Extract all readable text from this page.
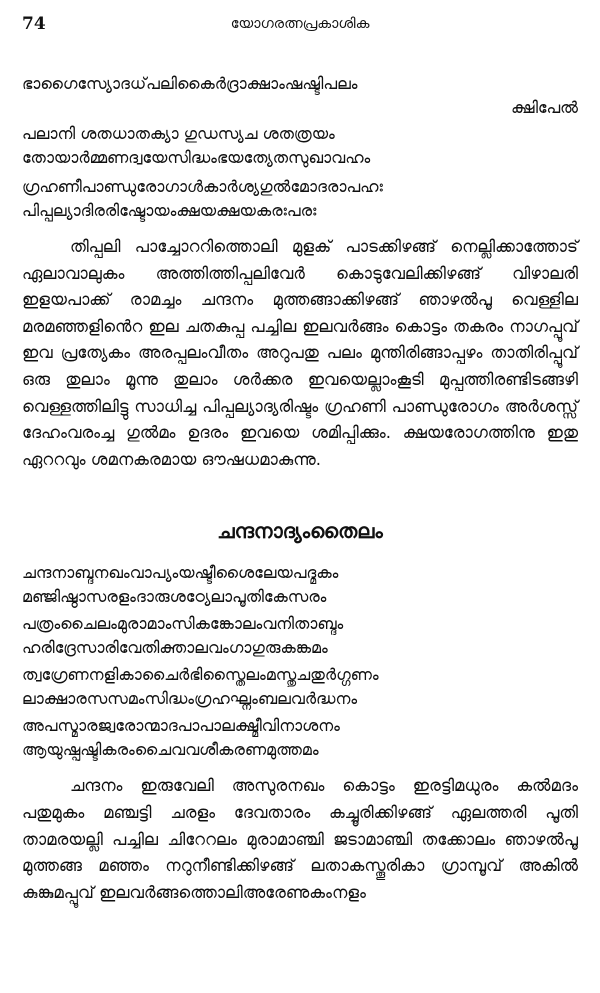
74	യോഗരത്നപ്രകാശിക

ഭാഗൈസ്യോദധ്‌പലികൈർദ്രാക്ഷാംഷഷ്ടിപലം
ക്ഷിപേൽ

പലാനി ശതധാതക്യാ ഗുഡസ്യച ശതത്രയം
തോയാർമ്മണദ്വയേസിദ്ധംഭയത്യേതസുഖാവഹം

ഗ്രഹണീപാണ്ഡുരോഗാൾകാർശ്യഗുൽമോദരാപഹഃ
പിപ്പല്യാദിരരിഷ്ടോയംക്ഷയക്ഷയകരഃപരഃ

തിപ്പലി പാച്ചോററിത്തൊലി മുളക് പാടക്കിഴങ്ങ് നെല്ലിക്കാത്തോട് ഏലാവാലുകം അത്തിത്തിപ്പലിവേർ കൊടുവേലിക്കിഴങ്ങ് വിഴാലരി ഇളയപാക്ക് രാമച്ചം ചന്ദനം മുത്തങ്ങാക്കിഴങ്ങ് ഞാഴൽപൂ വെള്ളില മരമഞ്ഞളിൻെറ ഇല ചതകുപ്പ പച്ചില ഇലവർങ്ങം കൊട്ടം തകരം നാഗപ്പൂവ് ഇവ പ്രത്യേകം അരപ്പലംവീതം അറുപതു പലം മുന്തിരിങ്ങാപ്പഴം താതിരിപ്പൂവ് ഒരു തുലാം മൂന്നു തുലാം ശർക്കര ഇവയെല്ലാംകൂടി മുപ്പത്തിരണ്ടിടങ്ങഴി വെള്ളത്തിലിട്ടു സാധിച്ച പിപ്പല്യാദ്യരിഷ്ടം ഗ്രഹണി പാണ്ഡുരോഗം അർശസ്സ് ദേഹംവരംച്ച ഗുൽമം ഉദരം ഇവയെ ശമിപ്പിക്കും. ക്ഷയരോഗത്തിനു ഇതു ഏററവും ശമനകരമായ ഔഷധമാകുന്നു.

ചന്ദനാദ്യംതൈലം

ചന്ദനാബ്ദനഖംവാപ്യംയഷ്ടീശൈലേയപദ്മകം
മഞ്ജിഷ്ഠാസരളംദാരുശഠ്യേലാപൂതികേസരം

പത്രംചൈലംമുരാമാംസികങ്കോലംവനിതാബ്ദം
ഹരിദ്രേസാരിവേതിക്താലവംഗാഗുരുകങ്കമം

ത്വഗ്രേണനളികാചൈർഭിസ്തൈലംമസ്തുചതുർഗ്ഗണം
ലാക്ഷാരസസമംസിദ്ധംഗ്രഹഘ്നംബലവർദ്ധനം

അപസ്മാരജ്വരോന്മാദപാപാലക്ഷ്മീവിനാശനം
ആയുഷ്പുഷ്ടികരംചൈവവശീകരണമുത്തമം

ചന്ദനം ഇരുവേലി അസുരനഖം കൊട്ടം ഇരട്ടിമധുരം കൽമദം പതുമുകം മഞ്ചട്ടി ചരളം ദേവതാരം കച്ചൂരിക്കിഴങ്ങ് ഏലത്തരി പൂതി താമരയല്ലി പച്ചില ചിറേറലം മുരാമാഞ്ചി ജടാമാഞ്ചി തക്കോലം ഞാഴൽപൂ മുത്തങ്ങ മഞ്ഞം നറുനീണ്ടിക്കിഴങ്ങ് ലതാകസ്തൂരികാ ഗ്രാമ്പൂവ് അകിൽ കുങ്കുമപ്പൂവ് ഇലവർങ്ങത്തൊലിഅരേണുകംനളം
